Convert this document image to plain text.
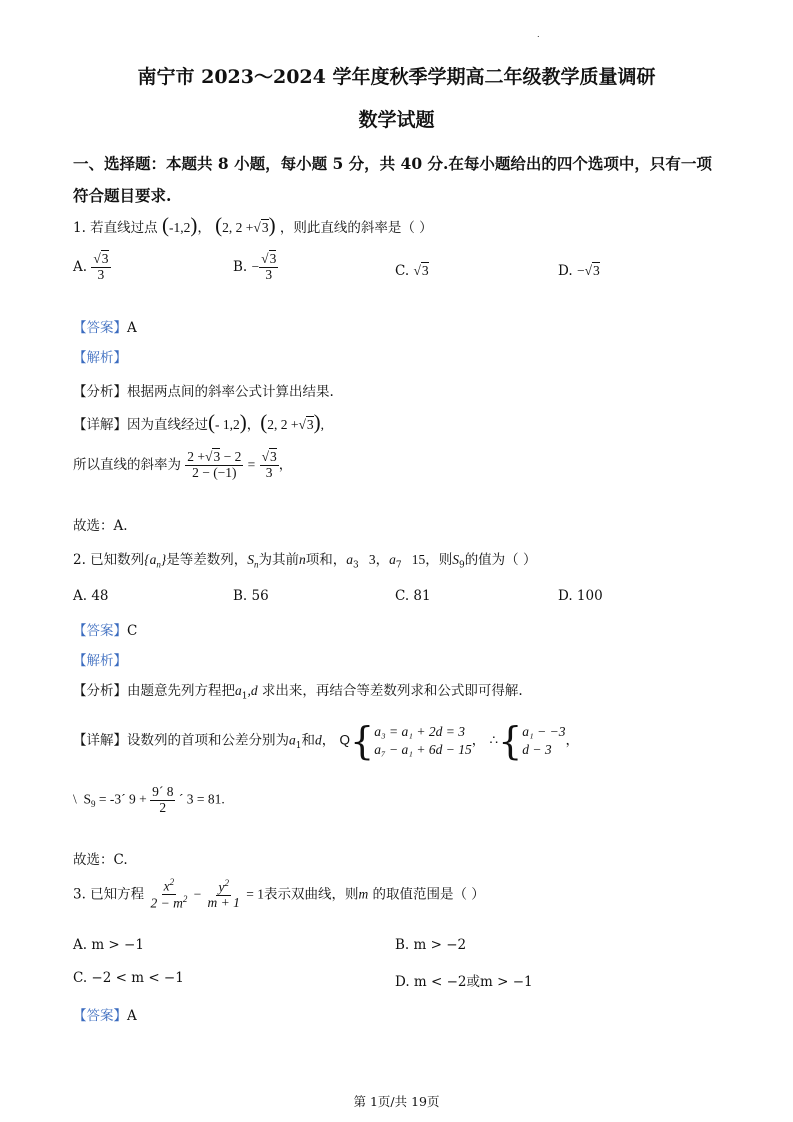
.
南宁市 2023～2024 学年度秋季学期高二年级教学质量调研
数学试题
一、选择题：本题共 8 小题，每小题 5 分，共 40 分.在每小题给出的四个选项中，只有一项
符合题目要求.
1. 若直线过点 (-1,2)， (2, 2 +√3) ，则此直线的斜率是（ ）
A. $\frac{√3}{3}$	B. − $\frac{√3}{3}$	C. √3	D. −√3
【答案】A
【解析】
【分析】根据两点间的斜率公式计算出结果.
【详解】因为直线经过(- 1,2)，(2, 2 +√3),
所以直线的斜率为 $\frac{2 +√3 - 2}{2 - (-1)} = \frac{√3}{3}$ ，
故选：A.
2. 已知数列$\{a_n\}$是等差数列，$S_n$为其前n项和，$a_3$   3，$a_7$   15，则$S_9$的值为（ ）
A. 48	B. 56	C. 81	D. 100
【答案】C
【解析】
【分析】由题意先列方程把$a_1,d$ 求出来，再结合等差数列求和公式即可得解.
【详解】设数列的首项和公差分别为$a_1$和d， Q{ a₃ = a₁ + 2d = 3
a₇ − a₁ + 6d − 15
， ∴{ a₁ − −3
d − 3
，
\  $S_9$ = -3´ $9 + \frac{9´ 8}{2}$ ´ 3 = 81.
故选：C.
3. 已知方程 $\frac{x^2}{2 - m^2} - \frac{y^2}{m + 1} = 1$表示双曲线，则m 的取值范围是（ ）
A. m > −1	B. m > −2
C. −2 < m < −1	D. m < −2或m > −1
【答案】A
第 1页/共 19页
